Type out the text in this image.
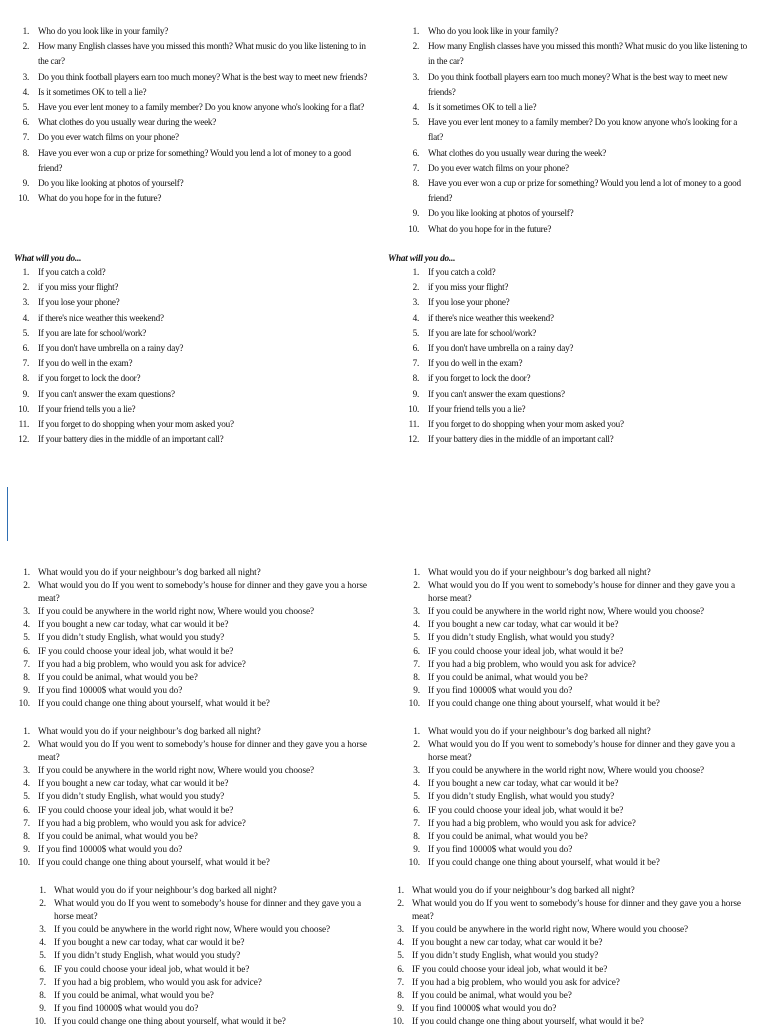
1. Who do you look like in your family?
2. How many English classes have you missed this month? What music do you like listening to in the car?
3. Do you think football players earn too much money? What is the best way to meet new friends?
4. Is it sometimes OK to tell a lie?
5. Have you ever lent money to a family member? Do you know anyone who's looking for a flat?
6. What clothes do you usually wear during the week?
7. Do you ever watch films on your phone?
8. Have you ever won a cup or prize for something? Would you lend a lot of money to a good friend?
9. Do you like looking at photos of yourself?
10. What do you hope for in the future?
1. Who do you look like in your family?
2. How many English classes have you missed this month? What music do you like listening to in the car?
3. Do you think football players earn too much money? What is the best way to meet new friends?
4. Is it sometimes OK to tell a lie?
5. Have you ever lent money to a family member? Do you know anyone who's looking for a flat?
6. What clothes do you usually wear during the week?
7. Do you ever watch films on your phone?
8. Have you ever won a cup or prize for something? Would you lend a lot of money to a good friend?
9. Do you like looking at photos of yourself?
10. What do you hope for in the future?
What will you do...	What will you do...
1. If you catch a cold?
2. if you miss your flight?
3. If you lose your phone?
4. if there's nice weather this weekend?
5. If you are late for school/work?
6. If you don't have umbrella on a rainy day?
7. If you do well in the exam?
8. if you forget to lock the door?
9. If you can't answer the exam questions?
10. If your friend tells you a lie?
11. If you forget to do shopping when your mom asked you?
12. If your battery dies in the middle of an important call?
1. If you catch a cold?
2. if you miss your flight?
3. If you lose your phone?
4. if there's nice weather this weekend?
5. If you are late for school/work?
6. If you don't have umbrella on a rainy day?
7. If you do well in the exam?
8. if you forget to lock the door?
9. If you can't answer the exam questions?
10. If your friend tells you a lie?
11. If you forget to do shopping when your mom asked you?
12. If your battery dies in the middle of an important call?
1. What would you do if your neighbour’s dog barked all night?
2. What would you do If you went to somebody’s house for dinner and they gave you a horse meat?
3. If you could be anywhere in the world right now, Where would you choose?
4. If you bought a new car today, what car would it be?
5. If you didn’t study English, what would you study?
6. IF you could choose your ideal job, what would it be?
7. If you had a big problem, who would you ask for advice?
8. If you could be animal, what would you be?
9. If you find 10000$ what would you do?
10. If you could change one thing about yourself, what would it be?
1. What would you do if your neighbour’s dog barked all night?
2. What would you do If you went to somebody’s house for dinner and they gave you a horse meat?
3. If you could be anywhere in the world right now, Where would you choose?
4. If you bought a new car today, what car would it be?
5. If you didn’t study English, what would you study?
6. IF you could choose your ideal job, what would it be?
7. If you had a big problem, who would you ask for advice?
8. If you could be animal, what would you be?
9. If you find 10000$ what would you do?
10. If you could change one thing about yourself, what would it be?
1. What would you do if your neighbour’s dog barked all night?
2. What would you do If you went to somebody’s house for dinner and they gave you a horse meat?
3. If you could be anywhere in the world right now, Where would you choose?
4. If you bought a new car today, what car would it be?
5. If you didn’t study English, what would you study?
6. IF you could choose your ideal job, what would it be?
7. If you had a big problem, who would you ask for advice?
8. If you could be animal, what would you be?
9. If you find 10000$ what would you do?
10. If you could change one thing about yourself, what would it be?
1. What would you do if your neighbour’s dog barked all night?
2. What would you do If you went to somebody’s house for dinner and they gave you a horse meat?
3. If you could be anywhere in the world right now, Where would you choose?
4. If you bought a new car today, what car would it be?
5. If you didn’t study English, what would you study?
6. IF you could choose your ideal job, what would it be?
7. If you had a big problem, who would you ask for advice?
8. If you could be animal, what would you be?
9. If you find 10000$ what would you do?
10. If you could change one thing about yourself, what would it be?
1. What would you do if your neighbour’s dog barked all night?
2. What would you do If you went to somebody’s house for dinner and they gave you a horse meat?
3. If you could be anywhere in the world right now, Where would you choose?
4. If you bought a new car today, what car would it be?
5. If you didn’t study English, what would you study?
6. IF you could choose your ideal job, what would it be?
7. If you had a big problem, who would you ask for advice?
8. If you could be animal, what would you be?
9. If you find 10000$ what would you do?
10. If you could change one thing about yourself, what would it be?
1. What would you do if your neighbour’s dog barked all night?
2. What would you do If you went to somebody’s house for dinner and they gave you a horse meat?
3. If you could be anywhere in the world right now, Where would you choose?
4. If you bought a new car today, what car would it be?
5. If you didn’t study English, what would you study?
6. IF you could choose your ideal job, what would it be?
7. If you had a big problem, who would you ask for advice?
8. If you could be animal, what would you be?
9. If you find 10000$ what would you do?
10. If you could change one thing about yourself, what would it be?
